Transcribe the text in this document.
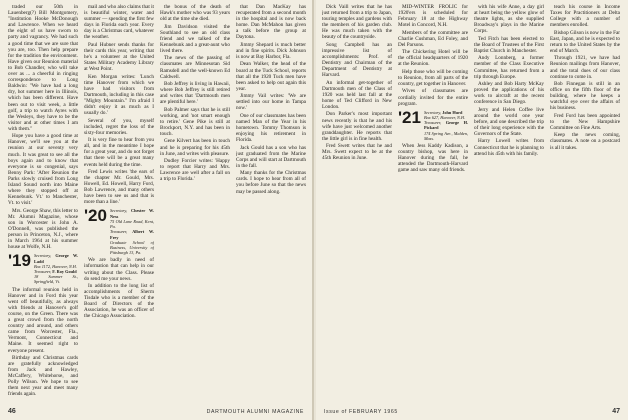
traded our 50th in Lauenberg(?) Bill Montgomery, "Institution Hooke McDonough and Lawrence. When we heard the eight of us have sworn to party and vagrancy. We had such a good time that we are sure that you are, too. Then help prepare for the tradition the environment. Have given our Reunion material to Bob Chandler, who will take over as ... a cheerful in ringing correspondence to Long Baldwin: "We have had a long dry, hot summer here in Illinois, which has been different. Have been out to visit week, a little golf, a trip to watch Ayres with the Wesleys, they have to be the visitor and at other times I am with them."

Hope you have a good time at Hanover, we'll see you at the reunion at our seventy very much. It was great to see all the boys again and to know that everyone is so congenial, says Benny Park: 'After Reunion the Parks slowly cruised from Long Island Sound north into Maine where they stopped off at Kennebunk. Vt.' to Manchester, Vt. to visit.'

Mrs. George Shaw, this letter to Mr. Alumni Magazine, whose son in Worcester is John A. O'Donnell, was published the person in Princeton, N.J., where in March 1964 at his summer house at Wolfe, N.H.

'19 Secretary, George W. Ladd
Box 1172, Hanover, N.H.
Treasurer, F. Roy Gould
18 Summer St., Springfield, Vt.

The informal reunion held in Hanover and in Ford this year went off beautifully, as always with friends at Hanover's golf course, on the Green. There was a great crowd from the north country and around, and others came from Worcester, Fla., Vermont, Connecticut and Maine. It seemed right to everyone present.

Birthday and Christmas cards are gratefully acknowledged from Jack and Hawley, McCaffery, Whitehorse, and Polly Wilson. We hope to see them next year and meet many friends again.

mail and who also claims that it is beautiful winter, water and summer — spending the first few days in Florida each year. Every day is a Christmas card, whatever the weather.

Paul Hubner sends thanks for their cards this year, writing that he's a volunteer at the United States Military Academy Library at West Point.

Ken Morgan writes: 'Lunch time Hanover from which we have had visitors from Dartmouth, including in this case "Mighty Mountain." I'm afraid I didn't enjoy it as much as I usually do.'

Several of you, myself included, regret the loss of the sixty-four memories.

It is very fine to hear from you all, and in the meantime I hope for a great year, and do not forget that there will be a great many events held during the time.

Fred Lewis writes 'the ears of the chapter Mr. Gould, Mrs. Howell, Ed. Howell, Harry Ford, Bob Lawrence, and many others have been to see us and that is more than a line.'

'20 Secretary, Chester W. Ness
75 Old Lane Road, Kent, Pa.
Treasurer, Albert W. Frey
Graduate School of Business, University of Pittsburgh 13, Pa.

We are badly in need of information that can help in our writing about the Class. Please do send me your news.

In addition to the long list of accomplishments of Sherm Tisdale who is a member of the Board of Directors of the Association, he was an officer of the Chicago Association.

the bonus of the death of Hawk's mother who was 93 years old at the time she died.

Jim Davidson visited the Southland to see an old class friend and we talked of the Kennebunk and a great-aunt who lived there.

The news of the passing of classmates are Minnesotan Sid Ramsdell and the well-known Ed Caldwell.

Bob Jeffrey is living in Hawaii, where Bob Jeffrey is still retired and writes that 'Dartmouth men are plentiful here.'

Bob Palmer says that he is still working, and 'not smart enough to retire.' Gene Pike is still at Brockport, N.Y. and has been in touch.

Gene Kilvert has been in touch and he is preparing for his 45th in June, and writes with pleasure.

Dudley Forcier writes: 'Happy to report that Harry and Mrs. Lawrence are well after a fall on a trip to Florida.'

that Dan MacKay has recuperated from a second month in the hospital and is now back home. Dan McMahon has given a talk before the group at Daytona.

Jimmy Shepard is much better and in fine spirits. Dick Johnson is now at Bay Harbor, Fla.

Dean Walker, the head of the board at the Tuck School, reports that all the 1920 Tuck men have been asked to help out again this year.

Jimmy Vail writes: 'We are settled into our home in Tampa now.'

One of our classmates has been named Man of the Year in his hometown. Tommy Thomson is enjoying his retirement in Florida.

Jack Gould has a son who has just graduated from the Marine Corps and will start at Dartmouth in the fall.

Many thanks for the Christmas cards. I hope to hear from all of you before June so that the news may be passed along.

46	DARTMOUTH ALUMNI MAGAZINE

Dick Vaill writes that he has just returned from a trip to Japan, touring temples and gardens with the members of his garden club. He was much taken with the beauty of the countryside.

Song Campbell has an impressive list of accomplishments: Prof. of Dentistry and Chairman of the Department of Dentistry at Harvard.

An informal get-together of Dartmouth men of the Class of 1920 was held last fall at the home of Ted Clifford in New London.

Don Parker's most important news recently is that he and his wife have just welcomed another granddaughter. He reports that the little girl is in fine health.

Fred Swett writes that he and Mrs. Swett expect to be at the 45th Reunion in June.

MID-WINTER FROLIC for 1920'ers is scheduled for February 18 at the Highway Motel in Concord, N.H.

Members of the committee are Charlie Cushman, Ed Foley, and Del Parsons.

The Chickering Hotel will be the official headquarters of 1920 at the Reunion.

Help those who will be coming to Reunion, from all parts of the country, get together in Hanover.

Wives of classmates are cordially invited for the entire program.

'21 Secretary, John Hurd
Box 627, Hanover, N.H.
Treasurer, George H. Pickard
174 Spring Ave., Malden, Mass.

When Jess Kaddy Kadison, a country bishop, was here in Hanover during the fall, he attended the Dartmouth-Harvard game and saw many old friends.

with his wife Anne, a day girl at heart being the yellow glow of theatre lights, as she supplied Broadway's plays in the Marine Corps.

Ted Fitch has been elected to the Board of Trustees of the First Baptist Church in Manchester.

Andy Lonnberg, a former member of the Class Executive Committee, has returned from a trip through Europe.

Ashley and Bob Harty McKay proved the applications of his work to aircraft at the recent conference in San Diego.

Jerry and Helen Coffee live around the world one year before, and one described the trip of their long experience with the Governors of the State.

Harry Lowell writes from Connecticut that he is planning to attend his 45th with his family.

teach his course in Income Taxes for Practitioners at Delta College with a number of members enrolled.

Bishop Gilson is now in the Far East, Japan, and he is expected to return to the United States by the end of March.

Through 1921, we have had Reunion mailings from Hanover, and the total dues of our class continue to come in.

Bob Finnegan is still in an office on the fifth floor of the building, where he keeps a watchful eye over the affairs of his business.

Fred Ford has been appointed to the New Hampshire Committee on Fine Arts.

Keep the news coming, classmates. A note on a postcard is all it takes.

Issue of FEBRUARY 1965	47
